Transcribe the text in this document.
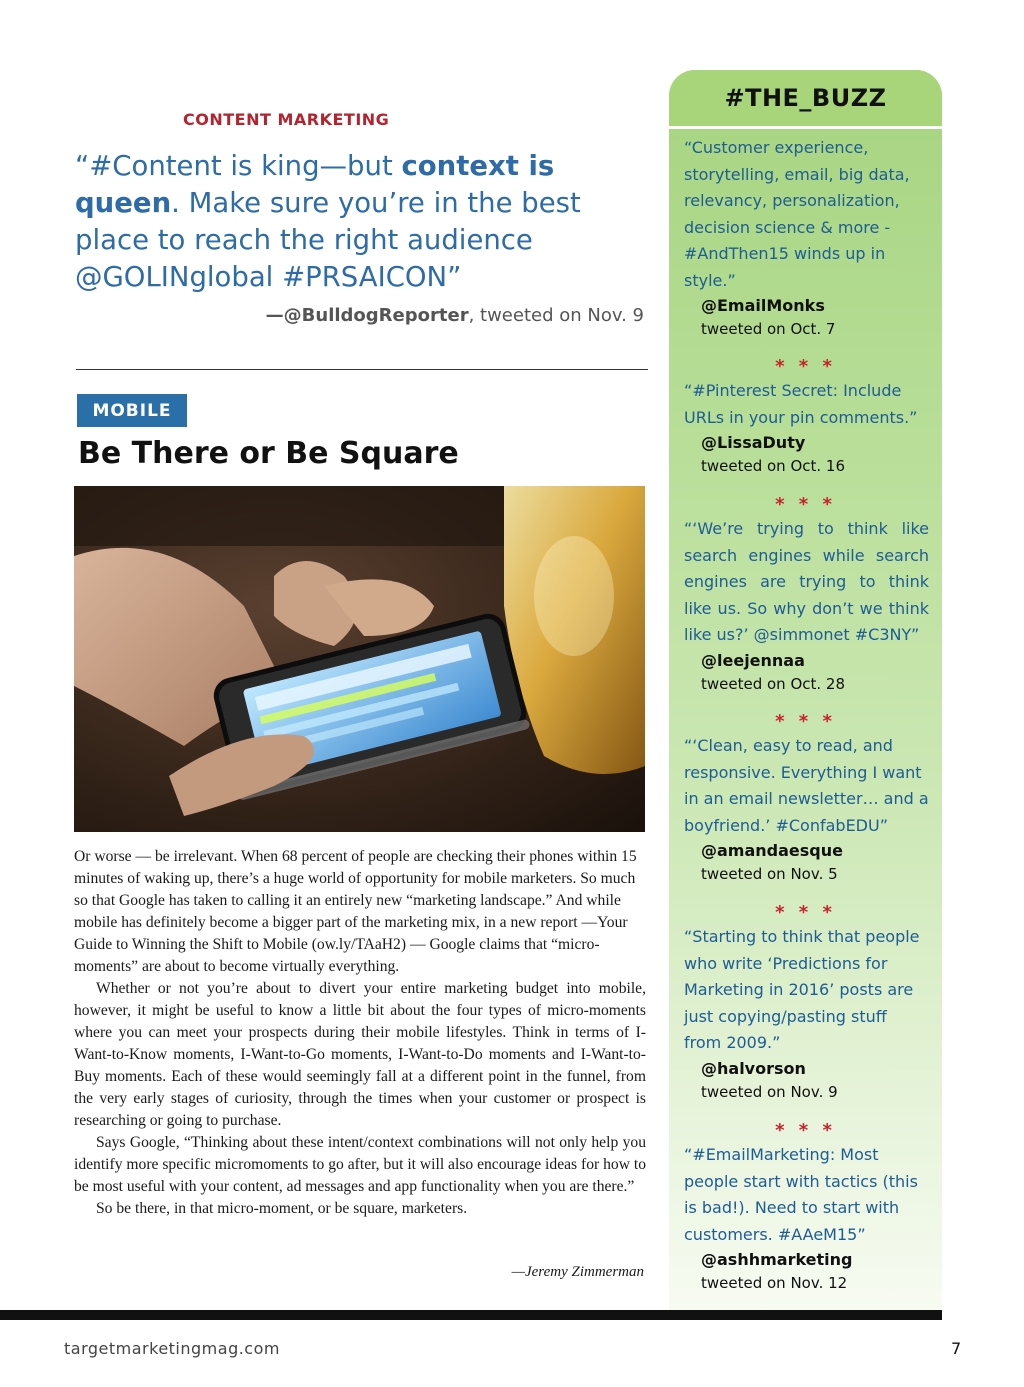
CONTENT MARKETING
“#Content is king—but context is queen. Make sure you’re in the best place to reach the right audience @GOLINglobal #PRSAICON”
—@BulldogReporter, tweeted on Nov. 9
MOBILE
Be There or Be Square

Or worse — be irrelevant. When 68 percent of people are checking their phones within 15 minutes of waking up, there’s a huge world of opportunity for mobile marketers. So much so that Google has taken to calling it an entirely new “marketing landscape.” And while mobile has definitely become a bigger part of the marketing mix, in a new report —Your Guide to Winning the Shift to Mobile (ow.ly/TAaH2) — Google claims that “micro-moments” are about to become virtually everything.

Whether or not you’re about to divert your entire marketing budget into mobile, however, it might be useful to know a little bit about the four types of micro-moments where you can meet your prospects during their mobile lifestyles. Think in terms of I-Want-to-Know moments, I-Want-to-Go moments, I-Want-to-Do moments and I-Want-to-Buy moments. Each of these would seemingly fall at a different point in the funnel, from the very early stages of curiosity, through the times when your customer or prospect is researching or going to purchase.

Says Google, “Thinking about these intent/context combinations will not only help you identify more specific micromoments to go after, but it will also encourage ideas for how to be most useful with your content, ad messages and app functionality when you are there.”

So be there, in that micro-moment, or be square, marketers.

—Jeremy Zimmerman
#THE_BUZZ
“Customer experience, storytelling, email, big data, relevancy, personalization, decision science & more - #AndThen15 winds up in style.”
@EmailMonks
tweeted on Oct. 7
* * *
“#Pinterest Secret: Include URLs in your pin comments.”
@LissaDuty
tweeted on Oct. 16
* * *
“‘We’re trying to think like search engines while search engines are trying to think like us. So why don’t we think like us?’ @simmonet #C3NY”
@leejennaa
tweeted on Oct. 28
* * *
“‘Clean, easy to read, and responsive. Everything I want in an email newsletter… and a boyfriend.’ #ConfabEDU”
@amandaesque
tweeted on Nov. 5
* * *
“Starting to think that people who write ‘Predictions for Marketing in 2016’ posts are just copying/pasting stuff from 2009.”
@halvorson
tweeted on Nov. 9
* * *
“#EmailMarketing: Most people start with tactics (this is bad!). Need to start with customers. #AAeM15”
@ashhmarketing
tweeted on Nov. 12
targetmarketingmag.com	7
